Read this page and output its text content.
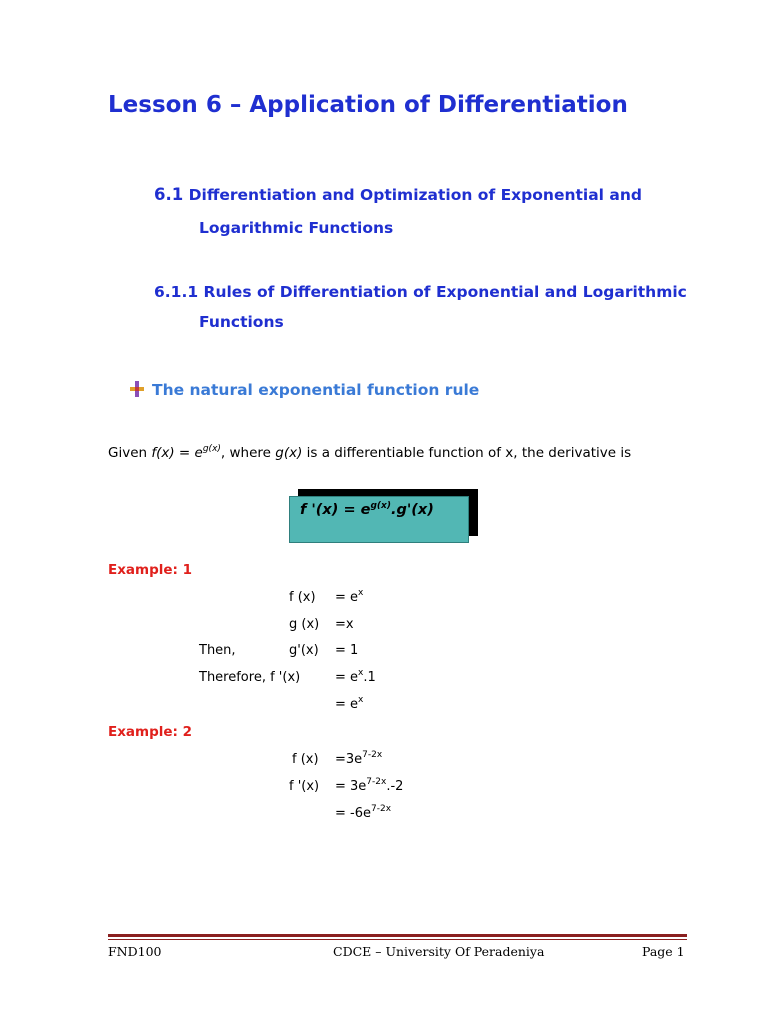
Lesson 6 – Application of Differentiation
6.1 Differentiation and Optimization of Exponential and
Logarithmic Functions
6.1.1 Rules of Differentiation of Exponential and Logarithmic
Functions
The natural exponential function rule
Given $f(x) = e^{g(x)}$, where g(x) is a differentiable function of x, the derivative is
f '$(x) = e^{g(x)}.g'(x)$
Example: 1
f $(x) = e^x$
g (x) =x
Then,	g'(x) = 1
Therefore, f '(x)	= $e^x.1$
= $e^x$
Example: 2
f $(x) =3e^{7-2x}$
f '$(x) = 3e^{7-2x}.-2$
= $-6e^{7-2x}$
FND100	CDCE – University Of Peradeniya	Page 1
